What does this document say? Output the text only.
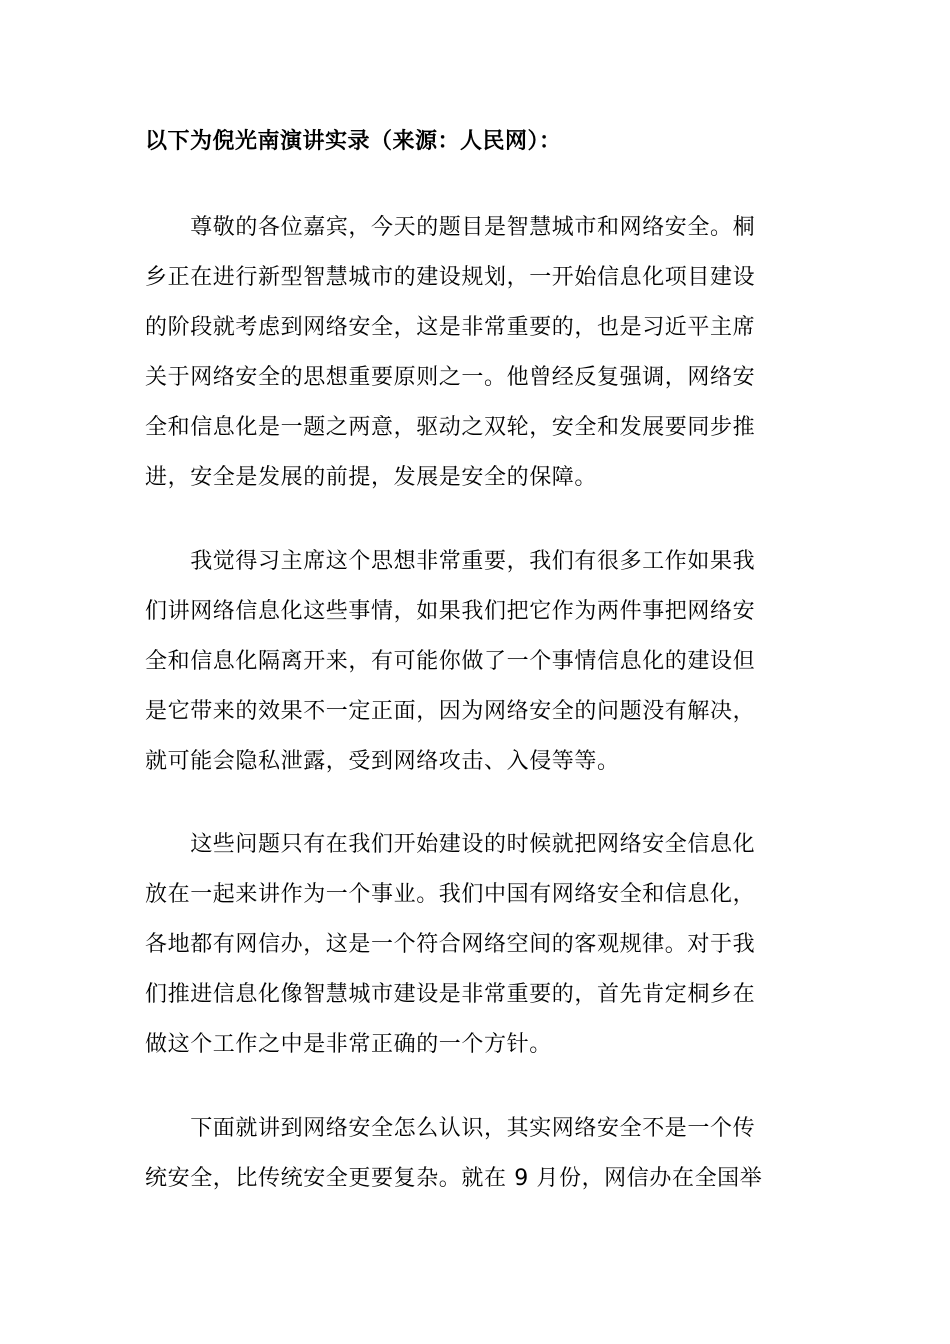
以下为倪光南演讲实录（来源：人民网）：
　　尊敬的各位嘉宾，今天的题目是智慧城市和网络安全。桐
乡正在进行新型智慧城市的建设规划，一开始信息化项目建设
的阶段就考虑到网络安全，这是非常重要的，也是习近平主席
关于网络安全的思想重要原则之一。他曾经反复强调，网络安
全和信息化是一题之两意，驱动之双轮，安全和发展要同步推
进，安全是发展的前提，发展是安全的保障。
　　我觉得习主席这个思想非常重要，我们有很多工作如果我
们讲网络信息化这些事情，如果我们把它作为两件事把网络安
全和信息化隔离开来，有可能你做了一个事情信息化的建设但
是它带来的效果不一定正面，因为网络安全的问题没有解决，
就可能会隐私泄露，受到网络攻击、入侵等等。
　　这些问题只有在我们开始建设的时候就把网络安全信息化
放在一起来讲作为一个事业。我们中国有网络安全和信息化，
各地都有网信办，这是一个符合网络空间的客观规律。对于我
们推进信息化像智慧城市建设是非常重要的，首先肯定桐乡在
做这个工作之中是非常正确的一个方针。
　　下面就讲到网络安全怎么认识，其实网络安全不是一个传
统安全，比传统安全更要复杂。就在 9 月份，网信办在全国举
